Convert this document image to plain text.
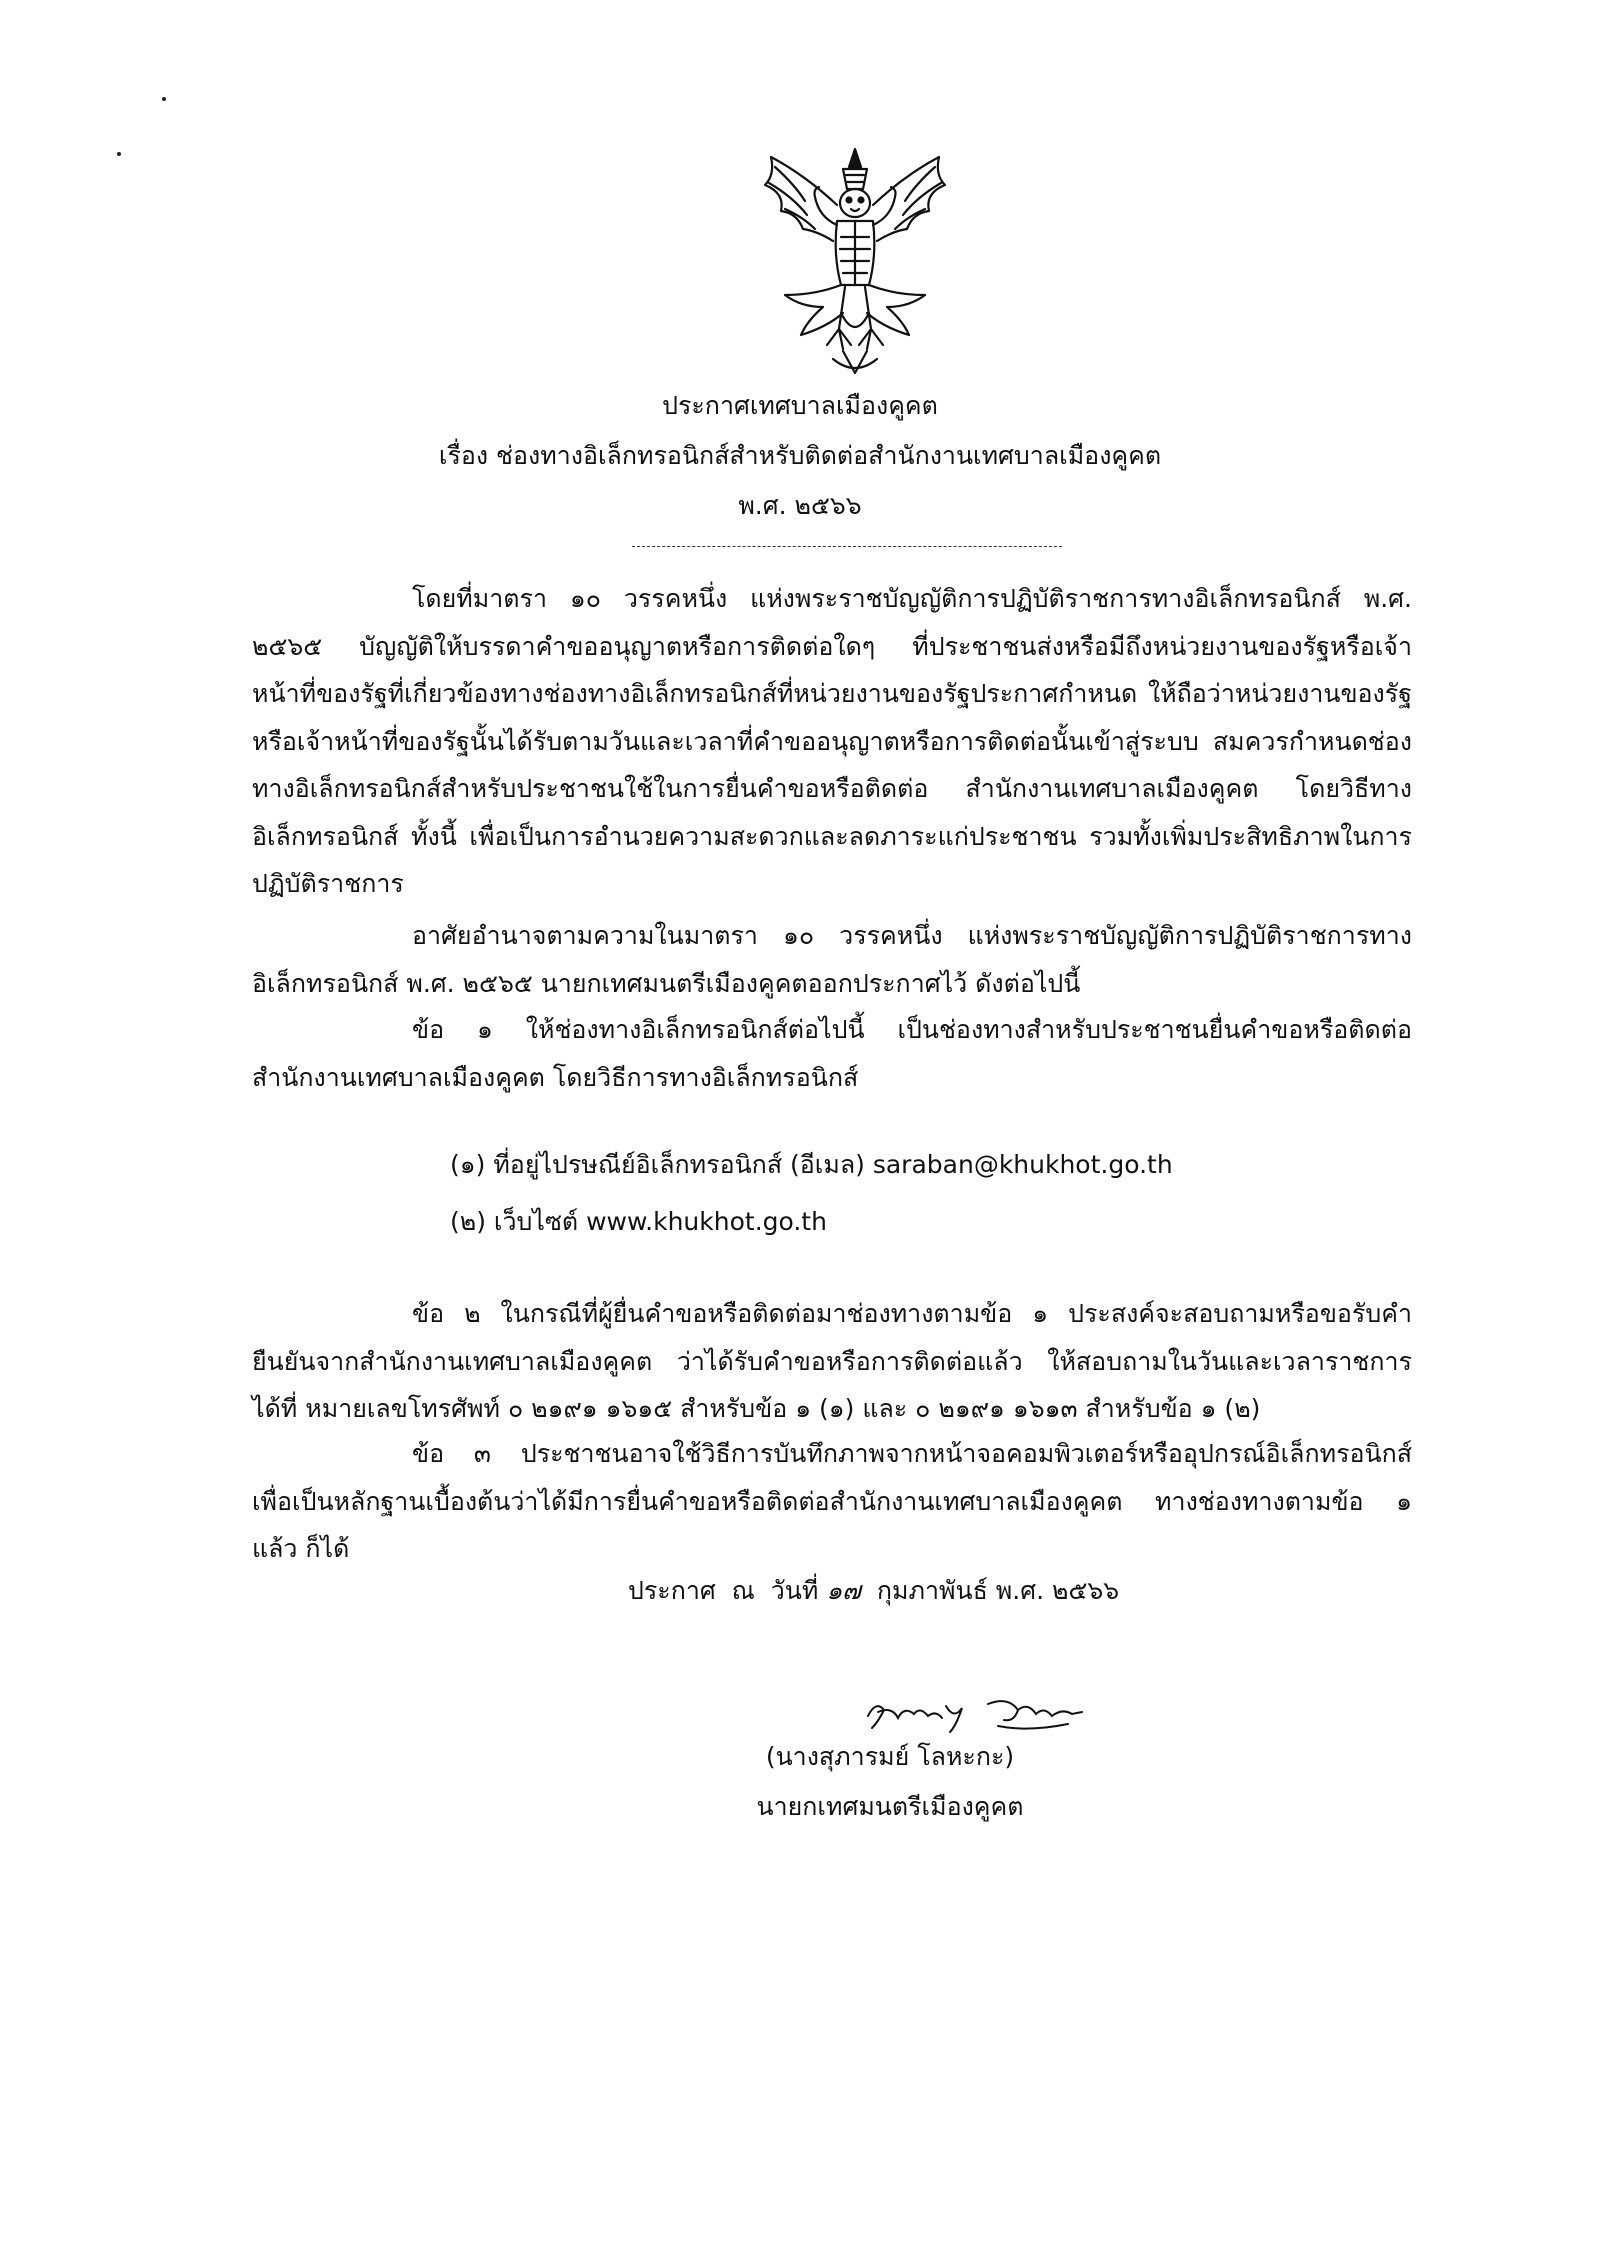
ประกาศเทศบาลเมืองคูคต
เรื่อง ช่องทางอิเล็กทรอนิกส์สำหรับติดต่อสำนักงานเทศบาลเมืองคูคต
พ.ศ. ๒๕๖๖

โดยที่มาตรา ๑๐ วรรคหนึ่ง แห่งพระราชบัญญัติการปฏิบัติราชการทางอิเล็กทรอนิกส์ พ.ศ. ๒๕๖๕ บัญญัติให้บรรดาคำขออนุญาตหรือการติดต่อใดๆ ที่ประชาชนส่งหรือมีถึงหน่วยงานของรัฐหรือเจ้าหน้าที่ของรัฐที่เกี่ยวข้องทางช่องทางอิเล็กทรอนิกส์ที่หน่วยงานของรัฐประกาศกำหนด ให้ถือว่าหน่วยงานของรัฐหรือเจ้าหน้าที่ของรัฐนั้นได้รับตามวันและเวลาที่คำขออนุญาตหรือการติดต่อนั้นเข้าสู่ระบบ สมควรกำหนดช่องทางอิเล็กทรอนิกส์สำหรับประชาชนใช้ในการยื่นคำขอหรือติดต่อ สำนักงานเทศบาลเมืองคูคต โดยวิธีทางอิเล็กทรอนิกส์ ทั้งนี้ เพื่อเป็นการอำนวยความสะดวกและลดภาระแก่ประชาชน รวมทั้งเพิ่มประสิทธิภาพในการปฏิบัติราชการ

อาศัยอำนาจตามความในมาตรา ๑๐ วรรคหนึ่ง แห่งพระราชบัญญัติการปฏิบัติราชการทางอิเล็กทรอนิกส์ พ.ศ. ๒๕๖๕ นายกเทศมนตรีเมืองคูคตออกประกาศไว้ ดังต่อไปนี้

ข้อ ๑ ให้ช่องทางอิเล็กทรอนิกส์ต่อไปนี้ เป็นช่องทางสำหรับประชาชนยื่นคำขอหรือติดต่อ สำนักงานเทศบาลเมืองคูคต โดยวิธีการทางอิเล็กทรอนิกส์

(๑) ที่อยู่ไปรษณีย์อิเล็กทรอนิกส์ (อีเมล) saraban@khukhot.go.th
(๒) เว็บไซต์ www.khukhot.go.th

ข้อ ๒ ในกรณีที่ผู้ยื่นคำขอหรือติดต่อมาช่องทางตามข้อ ๑ ประสงค์จะสอบถามหรือขอรับคำยืนยันจากสำนักงานเทศบาลเมืองคูคต ว่าได้รับคำขอหรือการติดต่อแล้ว ให้สอบถามในวันและเวลาราชการได้ที่ หมายเลขโทรศัพท์ ๐ ๒๑๙๑ ๑๖๑๕ สำหรับข้อ ๑ (๑) และ ๐ ๒๑๙๑ ๑๖๑๓ สำหรับข้อ ๑ (๒)

ข้อ ๓ ประชาชนอาจใช้วิธีการบันทึกภาพจากหน้าจอคอมพิวเตอร์หรืออุปกรณ์อิเล็กทรอนิกส์ เพื่อเป็นหลักฐานเบื้องต้นว่าได้มีการยื่นคำขอหรือติดต่อสำนักงานเทศบาลเมืองคูคต ทางช่องทางตามข้อ ๑ แล้ว ก็ได้

ประกาศ  ณ  วันที่ ๑๗ กุมภาพันธ์ พ.ศ. ๒๕๖๖
(นางสุภารมย์ โลหะกะ)
นายกเทศมนตรีเมืองคูคต
